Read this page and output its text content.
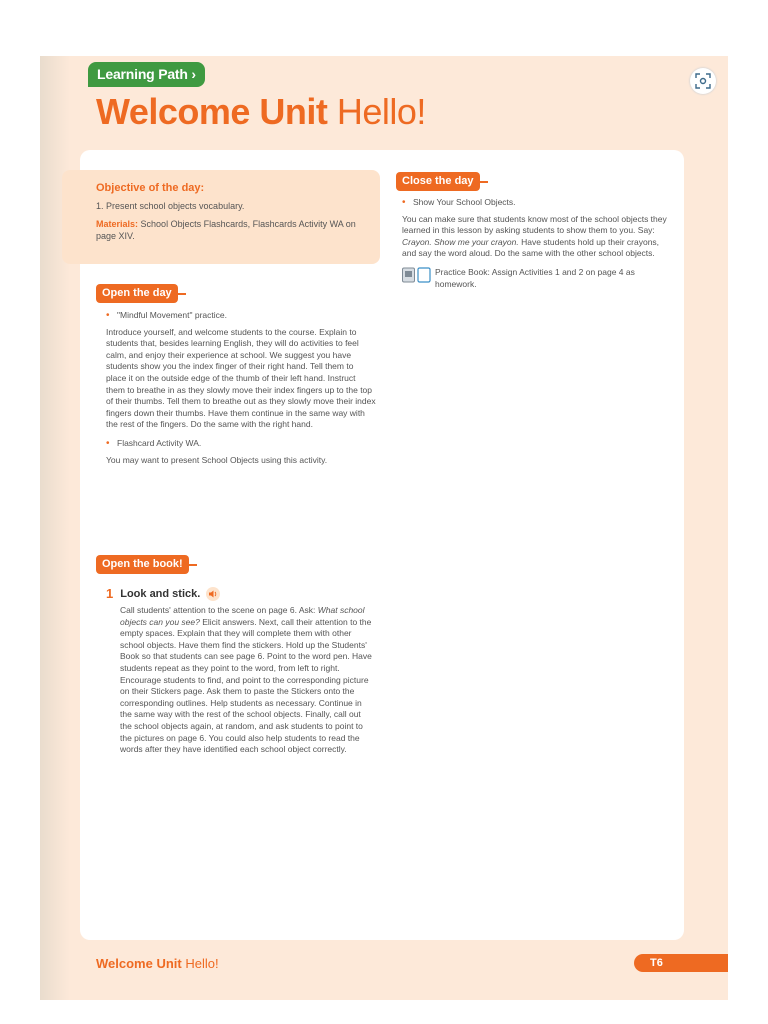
Learning Path ›
Welcome Unit Hello!
Objective of the day:

1. Present school objects vocabulary.

Materials: School Objects Flashcards, Flashcards Activity WA on page XIV.

Open the day
• "Mindful Movement" practice.

Introduce yourself, and welcome students to the course. Explain to students that, besides learning English, they will do activities to feel calm, and enjoy their experience at school. We suggest you have students show you the index finger of their right hand. Tell them to place it on the outside edge of the thumb of their left hand. Instruct them to breathe in as they slowly move their index fingers up to the top of their thumbs. Tell them to breathe out as they slowly move their index fingers down their thumbs. Have them continue in the same way with the rest of the fingers. Do the same with the right hand.

• Flashcard Activity WA.

You may want to present School Objects using this activity.

Open the book!
1 Look and stick.

Call students' attention to the scene on page 6. Ask: What school objects can you see? Elicit answers. Next, call their attention to the empty spaces. Explain that they will complete them with other school objects. Have them find the stickers. Hold up the Students' Book so that students can see page 6. Point to the word pen. Have students repeat as they point to the word, from left to right. Encourage students to find, and point to the corresponding picture on their Stickers page. Ask them to paste the Stickers onto the corresponding outlines. Help students as necessary. Continue in the same way with the rest of the school objects. Finally, call out the school objects again, at random, and ask students to point to the pictures on page 6. You could also help students to read the words after they have identified each school object correctly.

Close the day
• Show Your School Objects.

You can make sure that students know most of the school objects they learned in this lesson by asking students to show them to you. Say: Crayon. Show me your crayon. Have students hold up their crayons, and say the word aloud. Do the same with the other school objects.

Practice Book: Assign Activities 1 and 2 on page 4 as homework.
Welcome Unit Hello!	T6
